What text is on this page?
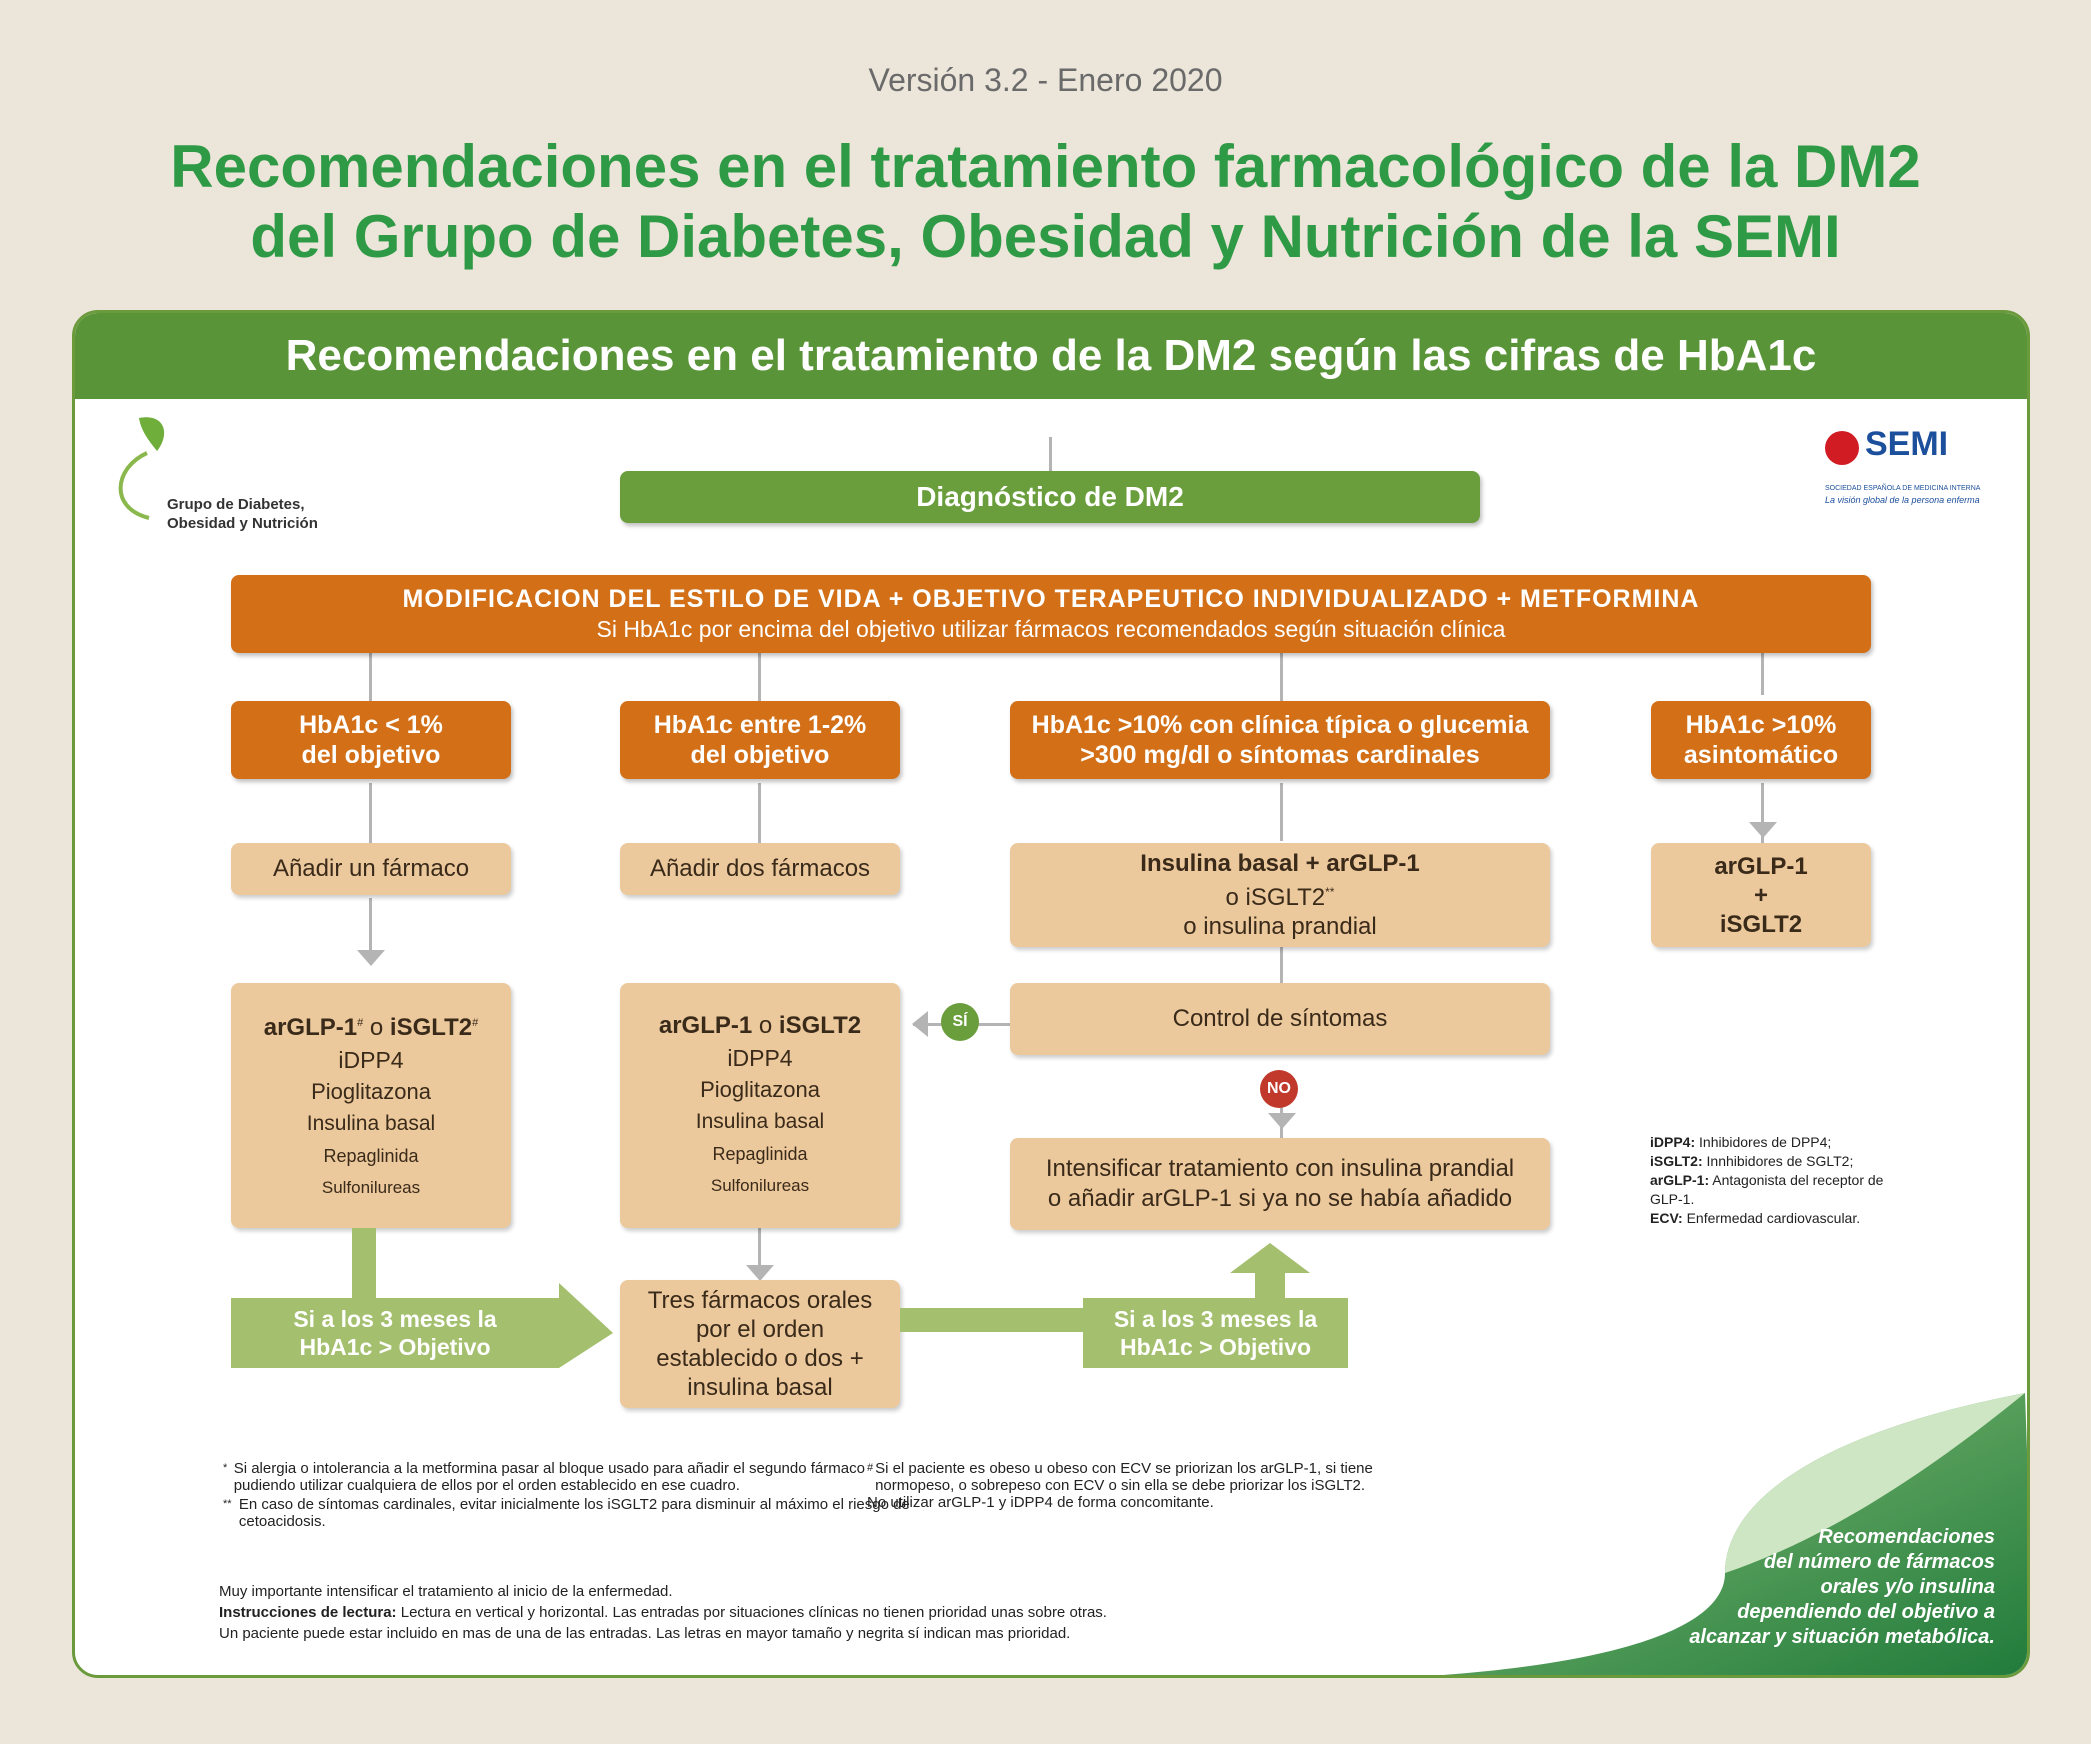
Versión 3.2 - Enero 2020
Recomendaciones en el tratamiento farmacológico de la DM2
del Grupo de Diabetes, Obesidad y Nutrición de la SEMI
Recomendaciones en el tratamiento de la DM2 según las cifras de HbA1c
Grupo de Diabetes,
Obesidad y Nutrición
SEMI
SOCIEDAD ESPAÑOLA DE MEDICINA INTERNA
La visión global de la persona enferma
Diagnóstico de DM2
MODIFICACION DEL ESTILO DE VIDA + OBJETIVO TERAPEUTICO INDIVIDUALIZADO + METFORMINA
Si HbA1c por encima del objetivo utilizar fármacos recomendados según situación clínica
HbA1c < 1%
del objetivo
HbA1c entre 1-2%
del objetivo
HbA1c >10% con clínica típica o glucemia
>300 mg/dl o síntomas cardinales
HbA1c >10%
asintomático
Añadir un fármaco	Añadir dos fármacos	Insulina basal + arGLP-1
o iSGLT2**
o insulina prandial
arGLP-1
+
iSGLT2
arGLP-1# o iSGLT2#
iDPP4
Pioglitazona
Insulina basal
Repaglinida
Sulfonilureas
arGLP-1 o iSGLT2
iDPP4
Pioglitazona
Insulina basal
Repaglinida
Sulfonilureas
Control de síntomas
SÍ
NO
Intensificar tratamiento con insulina prandial
o añadir arGLP-1 si ya no se había añadido
Tres fármacos orales
por el orden
establecido o dos +
insulina basal
Si a los 3 meses la
HbA1c > Objetivo
Si a los 3 meses la
HbA1c > Objetivo
iDPP4: Inhibidores de DPP4;
iSGLT2: Innhibidores de SGLT2;
arGLP-1: Antagonista del receptor de GLP-1.
ECV: Enfermedad cardiovascular.
* Si alergia o intolerancia a la metformina pasar al bloque usado para añadir el segundo fármaco pudiendo utilizar cualquiera de ellos por el orden establecido en ese cuadro.
** En caso de síntomas cardinales, evitar inicialmente los iSGLT2 para disminuir al máximo el riesgo de cetoacidosis.
# Si el paciente es obeso u obeso con ECV se priorizan los arGLP-1, si tiene normopeso, o sobrepeso con ECV o sin ella se debe priorizar los iSGLT2.
No utilizar arGLP-1 y iDPP4 de forma concomitante.
Muy importante intensificar el tratamiento al inicio de la enfermedad.
Instrucciones de lectura: Lectura en vertical y horizontal. Las entradas por situaciones clínicas no tienen prioridad unas sobre otras.
Un paciente puede estar incluido en mas de una de las entradas. Las letras en mayor tamaño y negrita sí indican mas prioridad.
Recomendaciones
del número de fármacos
orales y/o insulina
dependiendo del objetivo a
alcanzar y situación metabólica.
